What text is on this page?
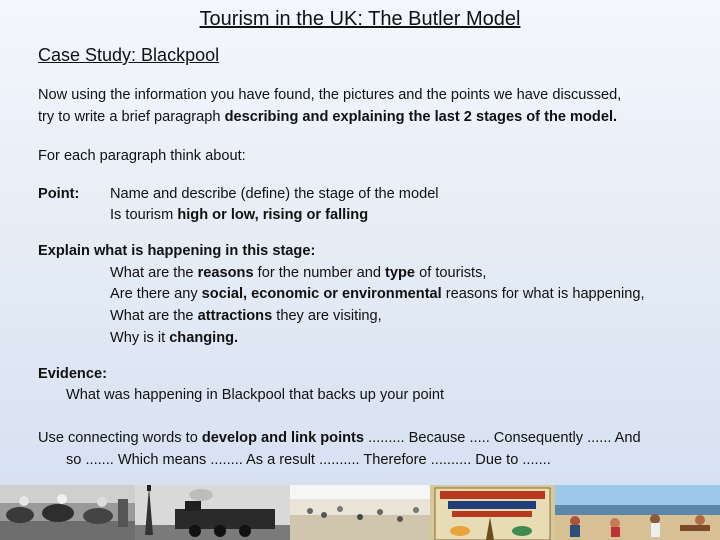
Tourism in the UK: The Butler Model
Case Study: Blackpool
Now using the information you have found, the pictures and the points we have discussed,
try to write a brief paragraph describing and explaining the last 2 stages of the model.
For each paragraph think about:
Point: Name and describe (define) the stage of the model
Is tourism high or low, rising or falling
Explain what is happening in this stage:
What are the reasons for the number and type of tourists,
Are there any social, economic or environmental reasons for what is happening,
What are the attractions they are visiting,
Why is it changing.
Evidence:
What was happening in Blackpool that backs up your point
Use connecting words to develop and link points ......... Because ..... Consequently ...... And
so ....... Which means ........ As a result .......... Therefore .......... Due to .......
